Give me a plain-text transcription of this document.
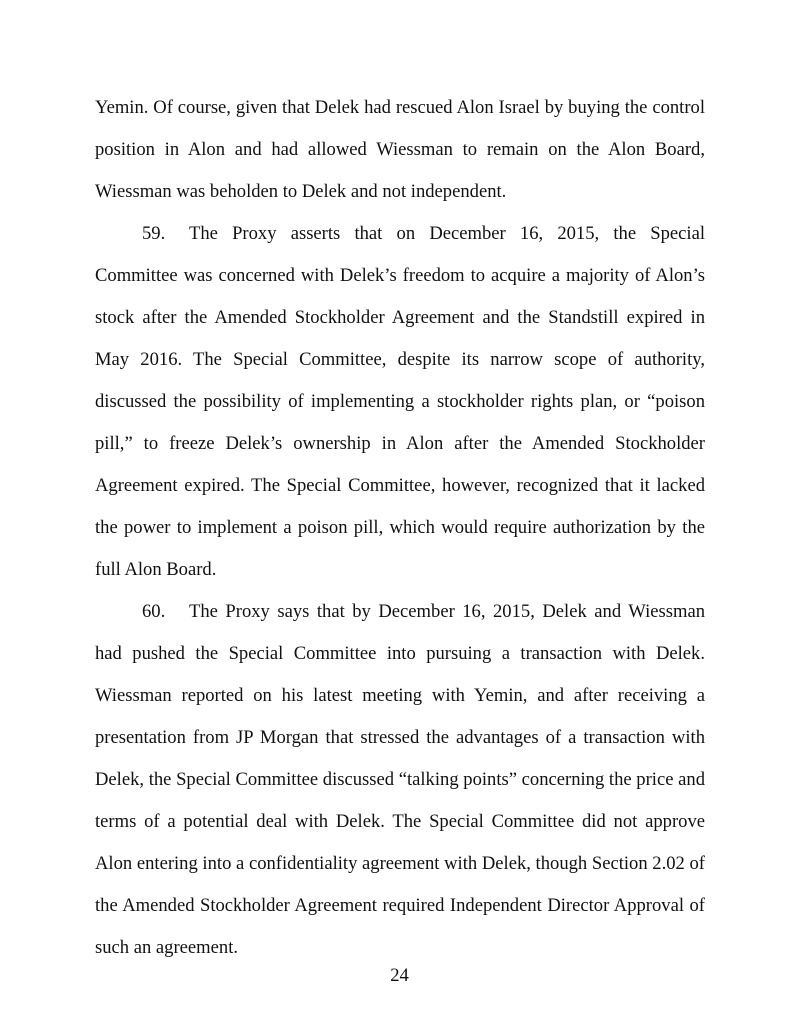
Yemin. Of course, given that Delek had rescued Alon Israel by buying the control position in Alon and had allowed Wiessman to remain on the Alon Board, Wiessman was beholden to Delek and not independent.

59. The Proxy asserts that on December 16, 2015, the Special Committee was concerned with Delek’s freedom to acquire a majority of Alon’s stock after the Amended Stockholder Agreement and the Standstill expired in May 2016. The Special Committee, despite its narrow scope of authority, discussed the possibility of implementing a stockholder rights plan, or “poison pill,” to freeze Delek’s ownership in Alon after the Amended Stockholder Agreement expired. The Special Committee, however, recognized that it lacked the power to implement a poison pill, which would require authorization by the full Alon Board.

60. The Proxy says that by December 16, 2015, Delek and Wiessman had pushed the Special Committee into pursuing a transaction with Delek. Wiessman reported on his latest meeting with Yemin, and after receiving a presentation from JP Morgan that stressed the advantages of a transaction with Delek, the Special Committee discussed “talking points” concerning the price and terms of a potential deal with Delek. The Special Committee did not approve Alon entering into a confidentiality agreement with Delek, though Section 2.02 of the Amended Stockholder Agreement required Independent Director Approval of such an agreement.

24
